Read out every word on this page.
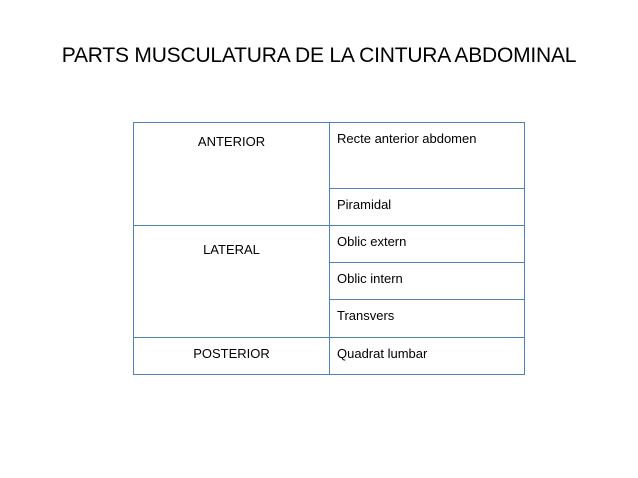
PARTS MUSCULATURA DE LA CINTURA ABDOMINAL
ANTERIOR	Recte anterior abdomen
	Piramidal
LATERAL	Oblic extern
	Oblic intern
	Transvers
POSTERIOR	Quadrat lumbar
